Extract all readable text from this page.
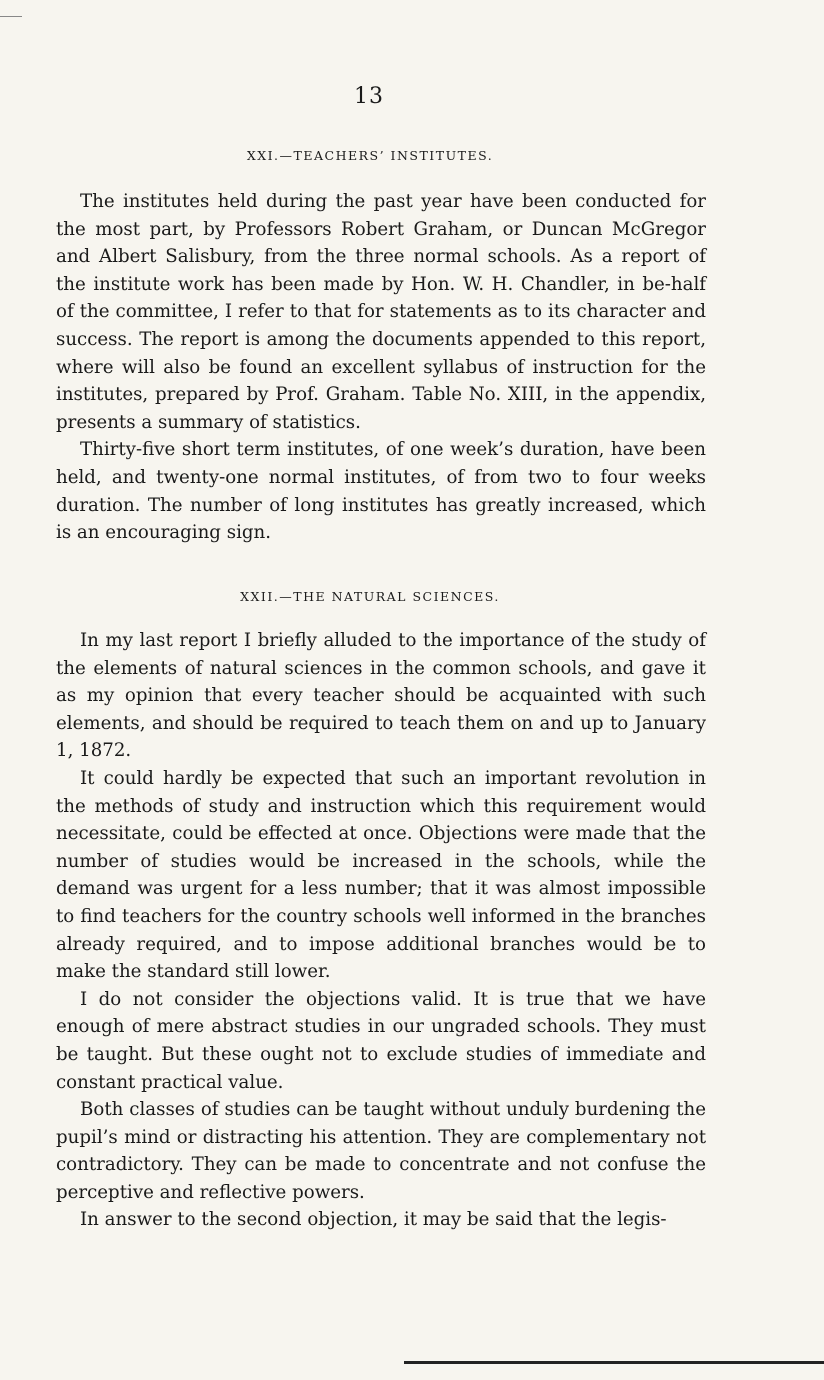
13
XXI.—TEACHERS’ INSTITUTES.

The institutes held during the past year have been conducted for the most part, by Professors Robert Graham, or Duncan McGregor and Albert Salisbury, from the three normal schools. As a report of the institute work has been made by Hon. W. H. Chandler, in be-half of the committee, I refer to that for statements as to its character and success. The report is among the documents appended to this report, where will also be found an excellent syllabus of instruction for the institutes, prepared by Prof. Graham. Table No. XIII, in the appendix, presents a summary of statistics.

Thirty-five short term institutes, of one week’s duration, have been held, and twenty-one normal institutes, of from two to four weeks duration. The number of long institutes has greatly increased, which is an encouraging sign.

XXII.—THE NATURAL SCIENCES.

In my last report I briefly alluded to the importance of the study of the elements of natural sciences in the common schools, and gave it as my opinion that every teacher should be acquainted with such elements, and should be required to teach them on and up to January 1, 1872.

It could hardly be expected that such an important revolution in the methods of study and instruction which this requirement would necessitate, could be effected at once. Objections were made that the number of studies would be increased in the schools, while the demand was urgent for a less number; that it was almost impossible to find teachers for the country schools well informed in the branches already required, and to impose additional branches would be to make the standard still lower.

I do not consider the objections valid. It is true that we have enough of mere abstract studies in our ungraded schools. They must be taught. But these ought not to exclude studies of immediate and constant practical value.

Both classes of studies can be taught without unduly burdening the pupil’s mind or distracting his attention. They are complementary not contradictory. They can be made to concentrate and not confuse the perceptive and reflective powers.

In answer to the second objection, it may be said that the legis-
